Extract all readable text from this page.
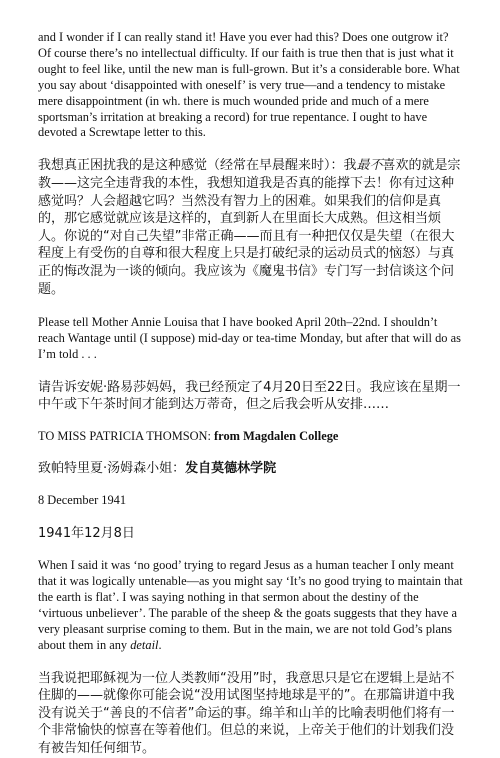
and I wonder if I can really stand it! Have you ever had this? Does one outgrow it? Of course there’s no intellectual difficulty. If our faith is true then that is just what it ought to feel like, until the new man is full-grown. But it’s a considerable bore. What you say about ‘disappointed with oneself’ is very true—and a tendency to mistake mere disappointment (in wh. there is much wounded pride and much of a mere sportsman’s irritation at breaking a record) for true repentance. I ought to have devoted a Screwtape letter to this.

我想真正困扰我的是这种感觉（经常在早晨醒来时）：我最不喜欢的就是宗教——这完全违背我的本性，我想知道我是否真的能撑下去！你有过这种感觉吗？人会超越它吗？当然没有智力上的困难。如果我们的信仰是真的，那它感觉就应该是这样的，直到新人在里面长大成熟。但这相当烦人。你说的“对自己失望”非常正确——而且有一种把仅仅是失望（在很大程度上有受伤的自尊和很大程度上只是打破纪录的运动员式的恼怒）与真正的悔改混为一谈的倾向。我应该为《魔鬼书信》专门写一封信谈这个问题。

Please tell Mother Annie Louisa that I have booked April 20th–22nd. I shouldn’t reach Wantage until (I suppose) mid-day or tea-time Monday, but after that will do as I’m told . . .

请告诉安妮·路易莎妈妈，我已经预定了4月20日至22日。我应该在星期一中午或下午茶时间才能到达万蒂奇，但之后我会听从安排……

TO MISS PATRICIA THOMSON: from Magdalen College

致帕特里夏·汤姆森小姐：发自莫德林学院

8 December 1941

1941年12月8日

When I said it was ‘no good’ trying to regard Jesus as a human teacher I only meant that it was logically untenable—as you might say ‘It’s no good trying to maintain that the earth is flat’. I was saying nothing in that sermon about the destiny of the ‘virtuous unbeliever’. The parable of the sheep & the goats suggests that they have a very pleasant surprise coming to them. But in the main, we are not told God’s plans about them in any detail.

当我说把耶稣视为一位人类教师“没用”时，我意思只是它在逻辑上是站不住脚的——就像你可能会说“没用试图坚持地球是平的”。在那篇讲道中我没有说关于“善良的不信者”命运的事。绵羊和山羊的比喻表明他们将有一个非常愉快的惊喜在等着他们。但总的来说，上帝关于他们的计划我们没有被告知任何细节。
